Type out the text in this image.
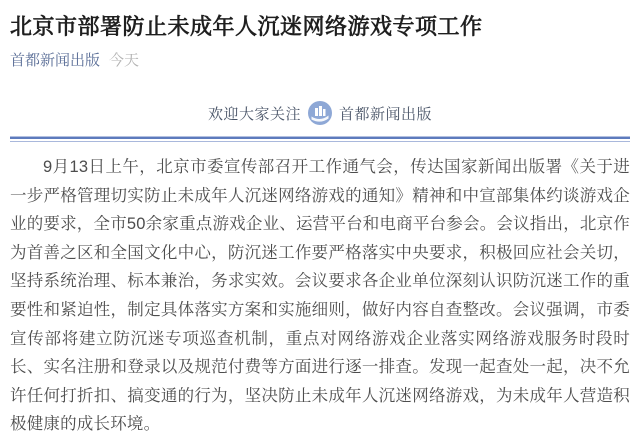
北京市部署防止未成年人沉迷网络游戏专项工作
首都新闻出版 今天
欢迎大家关注	首都新闻出版

9月13日上午，北京市委宣传部召开工作通气会，传达国家新闻出版署《关于进一步严格管理切实防止未成年人沉迷网络游戏的通知》精神和中宣部集体约谈游戏企业的要求，全市50余家重点游戏企业、运营平台和电商平台参会。会议指出，北京作为首善之区和全国文化中心，防沉迷工作要严格落实中央要求，积极回应社会关切，坚持系统治理、标本兼治，务求实效。会议要求各企业单位深刻认识防沉迷工作的重要性和紧迫性，制定具体落实方案和实施细则，做好内容自查整改。会议强调，市委宣传部将建立防沉迷专项巡查机制，重点对网络游戏企业落实网络游戏服务时段时长、实名注册和登录以及规范付费等方面进行逐一排查。发现一起查处一起，决不允许任何打折扣、搞变通的行为，坚决防止未成年人沉迷网络游戏，为未成年人营造积极健康的成长环境。
